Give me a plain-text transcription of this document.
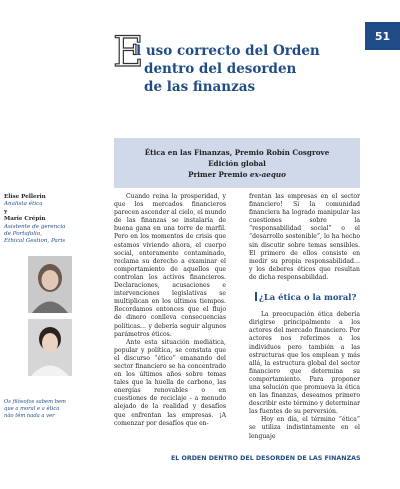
51
E
l uso correcto del Orden
dentro del desorden
de las finanzas
Ética en las Finanzas, Premio Robín Cosgrove
Edición global
Primer Premio ex-aequo
Elise Pellerin
Analista ética
y
Marie Crépin
Asistente de gerencia
de Portafolio,
Ethical Gestion, Paris
Os filósofos sabem bem que a moral e a ética não têm nada a ver

Cuando reina la prosperidad, y que los mercados financieros parecen ascender al cielo, el mundo de las finanzas se instalaría de buena gana en una torre de marfil. Pero en los momentos de crisis que estamos viviendo ahora, el cuerpo social, enteramente contaminado, reclama su derecho a examinar el comportamiento de aquellos que controlan los activos financieros. Declaraciones, acusaciones e intervenciones legislativas se multiplican en los últimos tiempos. Recordamos entonces que el flujo de dinero conlleva consecuencias políticas… y debería seguir algunos parámetros éticos.

Ante esta situación mediática, popular y política, se constata que el discurso “ético” emanando del sector financiero se ha concentrado en los últimos años sobre temas tales que la huella de carbono, las energías renovables o en cuestiones de reciclaje - a menudo alejado de la realidad y desafíos que enfrentan las empresas. ¡A comenzar por desafíos que en-

frentan las empresas en el sector financiero! Si la comunidad financiera ha logrado manipular las cuestiones sobre la “responsabilidad social” o el “desarrollo sostenible”, lo ha hecho sin discutir sobre temas sensibles. El primero de ellos consiste en medir su propia responsabilidad… y los deberes éticos que resultan de dicha responsabilidad.

¿La ética o la moral?

La preocupación ética debería dirigirse principalmente a los actores del mercado financiero. Por actores nos referimos a los individuos pero también a las estructuras que los emplean y más allá, la estructura global del sector financiero que determina su comportamiento. Para proponer una solución que promueva la ética en las finanzas, deseamos primero describir este término y determinar las fuentes de su perversión.

Hoy en día, el término “ética” se utiliza indistintamente en el lenguaje

EL ORDEN DENTRO DEL DESORDEN DE LAS FINANZAS
